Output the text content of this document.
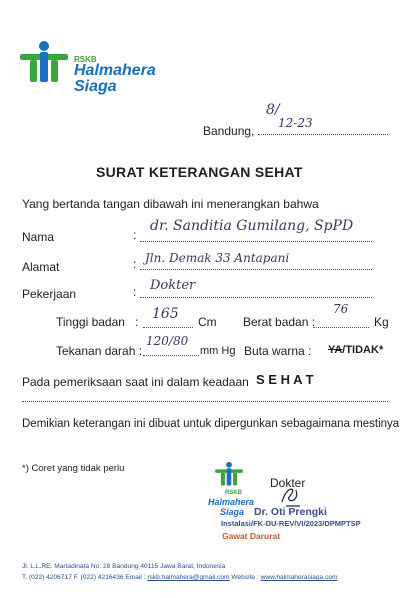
RSKB
Halmahera
Siaga
Bandung,
8/
12-23
SURAT KETERANGAN SEHAT
Yang bertanda tangan dibawah ini menerangkan bahwa
Nama	:
dr. Sanditia Gumilang, SpPD
Alamat	: Jln. Demak 33 Antapani
Pekerjaan	: Dokter
Tinggi badan : 165 Cm Berat badan :
76
Kg
Tekanan darah :
120/80
mm Hg Buta warna : YA/TIDAK*
Pada pemeriksaan saat ini dalam keadaan S E H A T
Demikian keterangan ini dibuat untuk dipergunkan sebagaimana mestinya
*) Coret yang tidak perlu
RSKB
Halmahera
Siaga
Instalasi/FK-DU-REV/VI/2023/DPMPTSP
Gawat Darurat
Dokter
Dr. Oti Prengki
Jl. L.L.RE. Martadinata No. 28 Bandung 40115 Jawa Barat, Indonesia
T. (022) 4206717 F. (022) 4216436 Email : rskb.halmahera@gmail.com Website : www.halmaherasiaga.com
